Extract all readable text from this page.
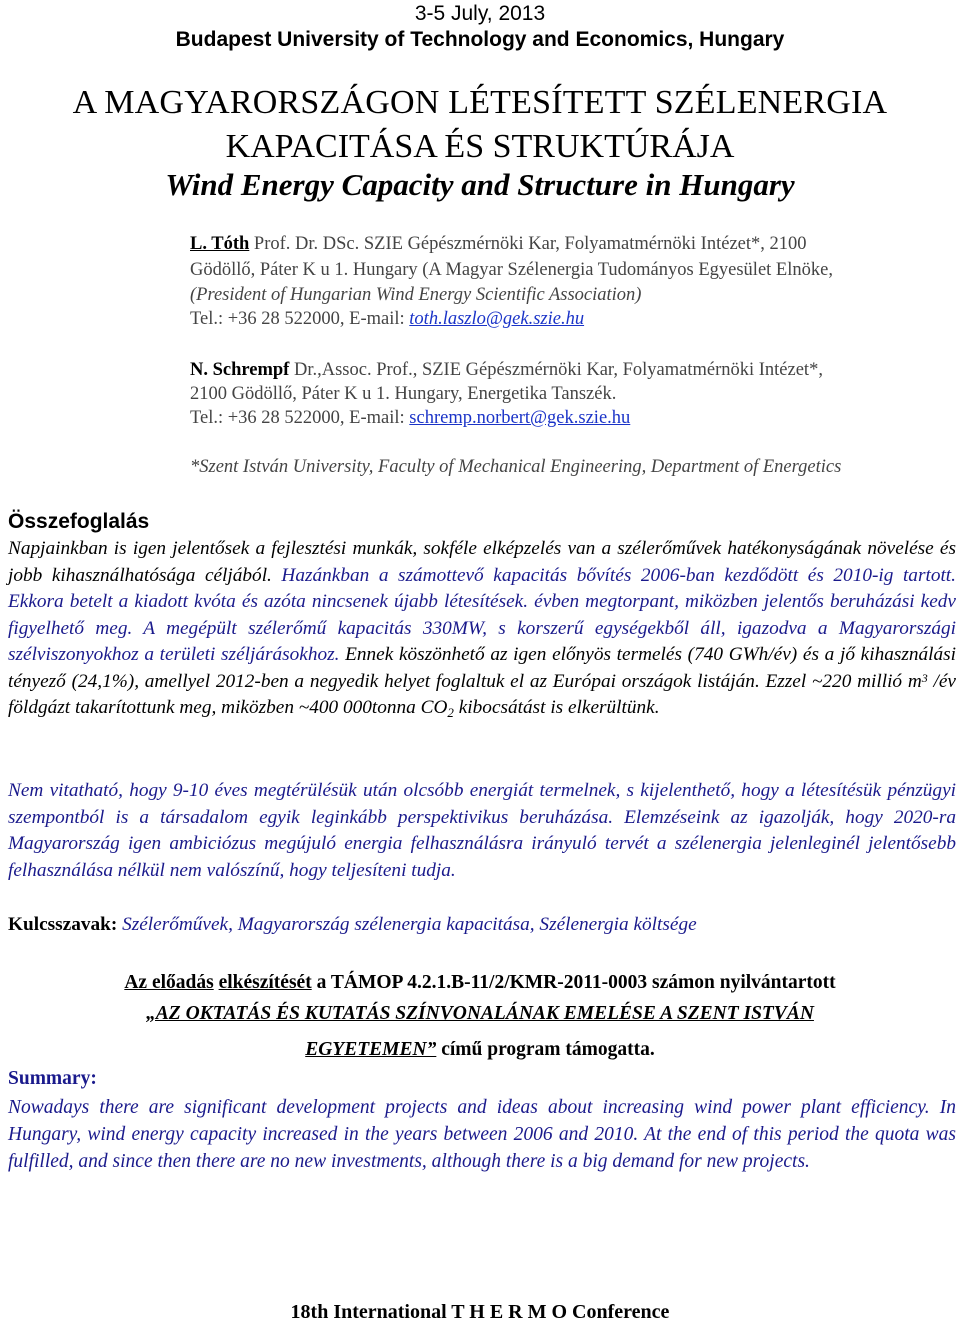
3-5 July, 2013
Budapest University of Technology and Economics, Hungary
A MAGYARORSZÁGON LÉTESÍTETT SZÉLENERGIA
KAPACITÁSA ÉS STRUKTÚRÁJA
Wind Energy Capacity and Structure in Hungary
L. Tóth Prof. Dr. DSc. SZIE Gépészmérnöki Kar, Folyamatmérnöki Intézet*, 2100
Gödöllő, Páter K u 1. Hungary (A Magyar Szélenergia Tudományos Egyesület Elnöke,
(President of Hungarian Wind Energy Scientific Association)
Tel.: +36 28 522000, E-mail: toth.laszlo@gek.szie.hu
N. Schrempf Dr.,Assoc. Prof., SZIE Gépészmérnöki Kar, Folyamatmérnöki Intézet*,
2100 Gödöllő, Páter K u 1. Hungary, Energetika Tanszék.
Tel.: +36 28 522000, E-mail: schremp.norbert@gek.szie.hu
*Szent István University, Faculty of Mechanical Engineering, Department of Energetics
Összefoglalás
Napjainkban is igen jelentősek a fejlesztési munkák, sokféle elképzelés van a szélerőművek hatékonyságának növelése és jobb kihasználhatósága céljából. Hazánkban a számottevő kapacitás bővítés 2006-ban kezdődött és 2010-ig tartott. Ekkora betelt a kiadott kvóta és azóta nincsenek újabb létesítések. évben megtorpant, miközben jelentős beruházási kedv figyelhető meg. A megépült szélerőmű kapacitás 330MW, s korszerű egységekből áll, igazodva a Magyarországi szélviszonyokhoz a területi széljárásokhoz. Ennek köszönhető az igen előnyös termelés (740 GWh/év) és a jő kihasználási tényező (24,1%), amellyel 2012-ben a negyedik helyet foglaltuk el az Európai országok listáján. Ezzel ~220 millió $m^3$ /év földgázt takarítottunk meg, miközben ~400 000tonna $CO_2$ kibocsátást is elkerültünk.
Nem vitatható, hogy 9-10 éves megtérülésük után olcsóbb energiát termelnek, s kijelenthető, hogy a létesítésük pénzügyi szempontból is a társadalom egyik leginkább perspektivikus beruházása. Elemzéseink az igazolják, hogy 2020-ra Magyarország igen ambiciózus megújuló energia felhasználásra irányuló tervét a szélenergia jelenleginél jelentősebb felhasználása nélkül nem valószínű, hogy teljesíteni tudja.
Kulcsszavak: Szélerőművek, Magyarország szélenergia kapacitása, Szélenergia költsége
Az előadás elkészítését a TÁMOP 4.2.1.B-11/2/KMR-2011-0003 számon nyilvántartott
„AZ OKTATÁS ÉS KUTATÁS SZÍNVONALÁNAK EMELÉSE A SZENT ISTVÁN
EGYETEMEN” című program támogatta.
Summary:
Nowadays there are significant development projects and ideas about increasing wind power plant efficiency. In Hungary, wind energy capacity increased in the years between 2006 and 2010. At the end of this period the quota was fulfilled, and since then there are no new investments, although there is a big demand for new projects.
18th International T H E R M O Conference
